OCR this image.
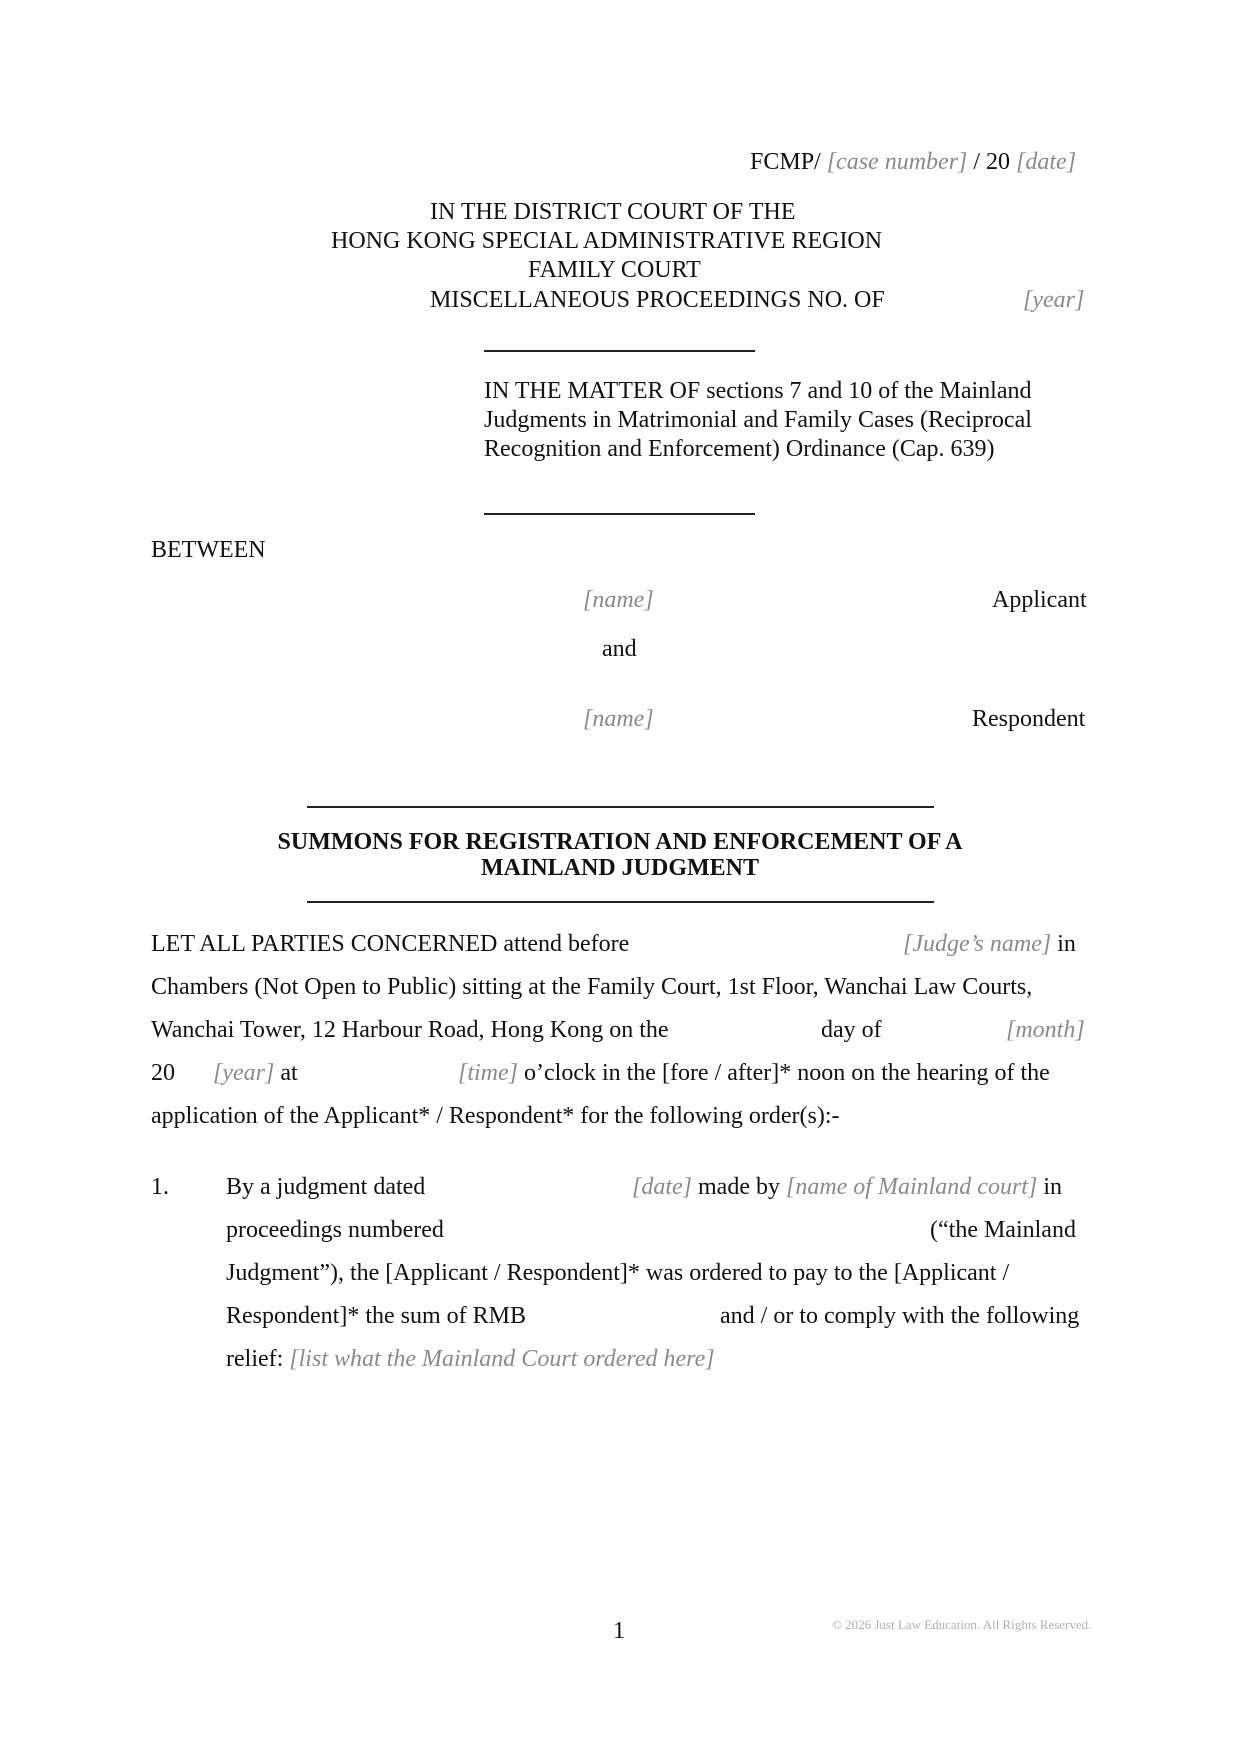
FCMP/ [case number] / 20 [date]
IN THE DISTRICT COURT OF THE
HONG KONG SPECIAL ADMINISTRATIVE REGION
FAMILY COURT
MISCELLANEOUS PROCEEDINGS NO. OF	[year]
IN THE MATTER OF sections 7 and 10 of the Mainland
Judgments in Matrimonial and Family Cases (Reciprocal
Recognition and Enforcement) Ordinance (Cap. 639)
BETWEEN
[name]	Applicant
and
[name]	Respondent
SUMMONS FOR REGISTRATION AND ENFORCEMENT OF A
MAINLAND JUDGMENT
LET ALL PARTIES CONCERNED attend before	[Judge’s name] in
Chambers (Not Open to Public) sitting at the Family Court, 1st Floor, Wanchai Law Courts,
Wanchai Tower, 12 Harbour Road, Hong Kong on the	day of	[month]
20 [year] at	[time] o’clock in the [fore / after]* noon on the hearing of the
application of the Applicant* / Respondent* for the following order(s):-
1. By a judgment dated	[date] made by [name of Mainland court] in
proceedings numbered	(“the Mainland
Judgment”), the [Applicant / Respondent]* was ordered to pay to the [Applicant /
Respondent]* the sum of RMB	and / or to comply with the following
relief: [list what the Mainland Court ordered here]
1	© 2026 Just Law Education. All Rights Reserved.
